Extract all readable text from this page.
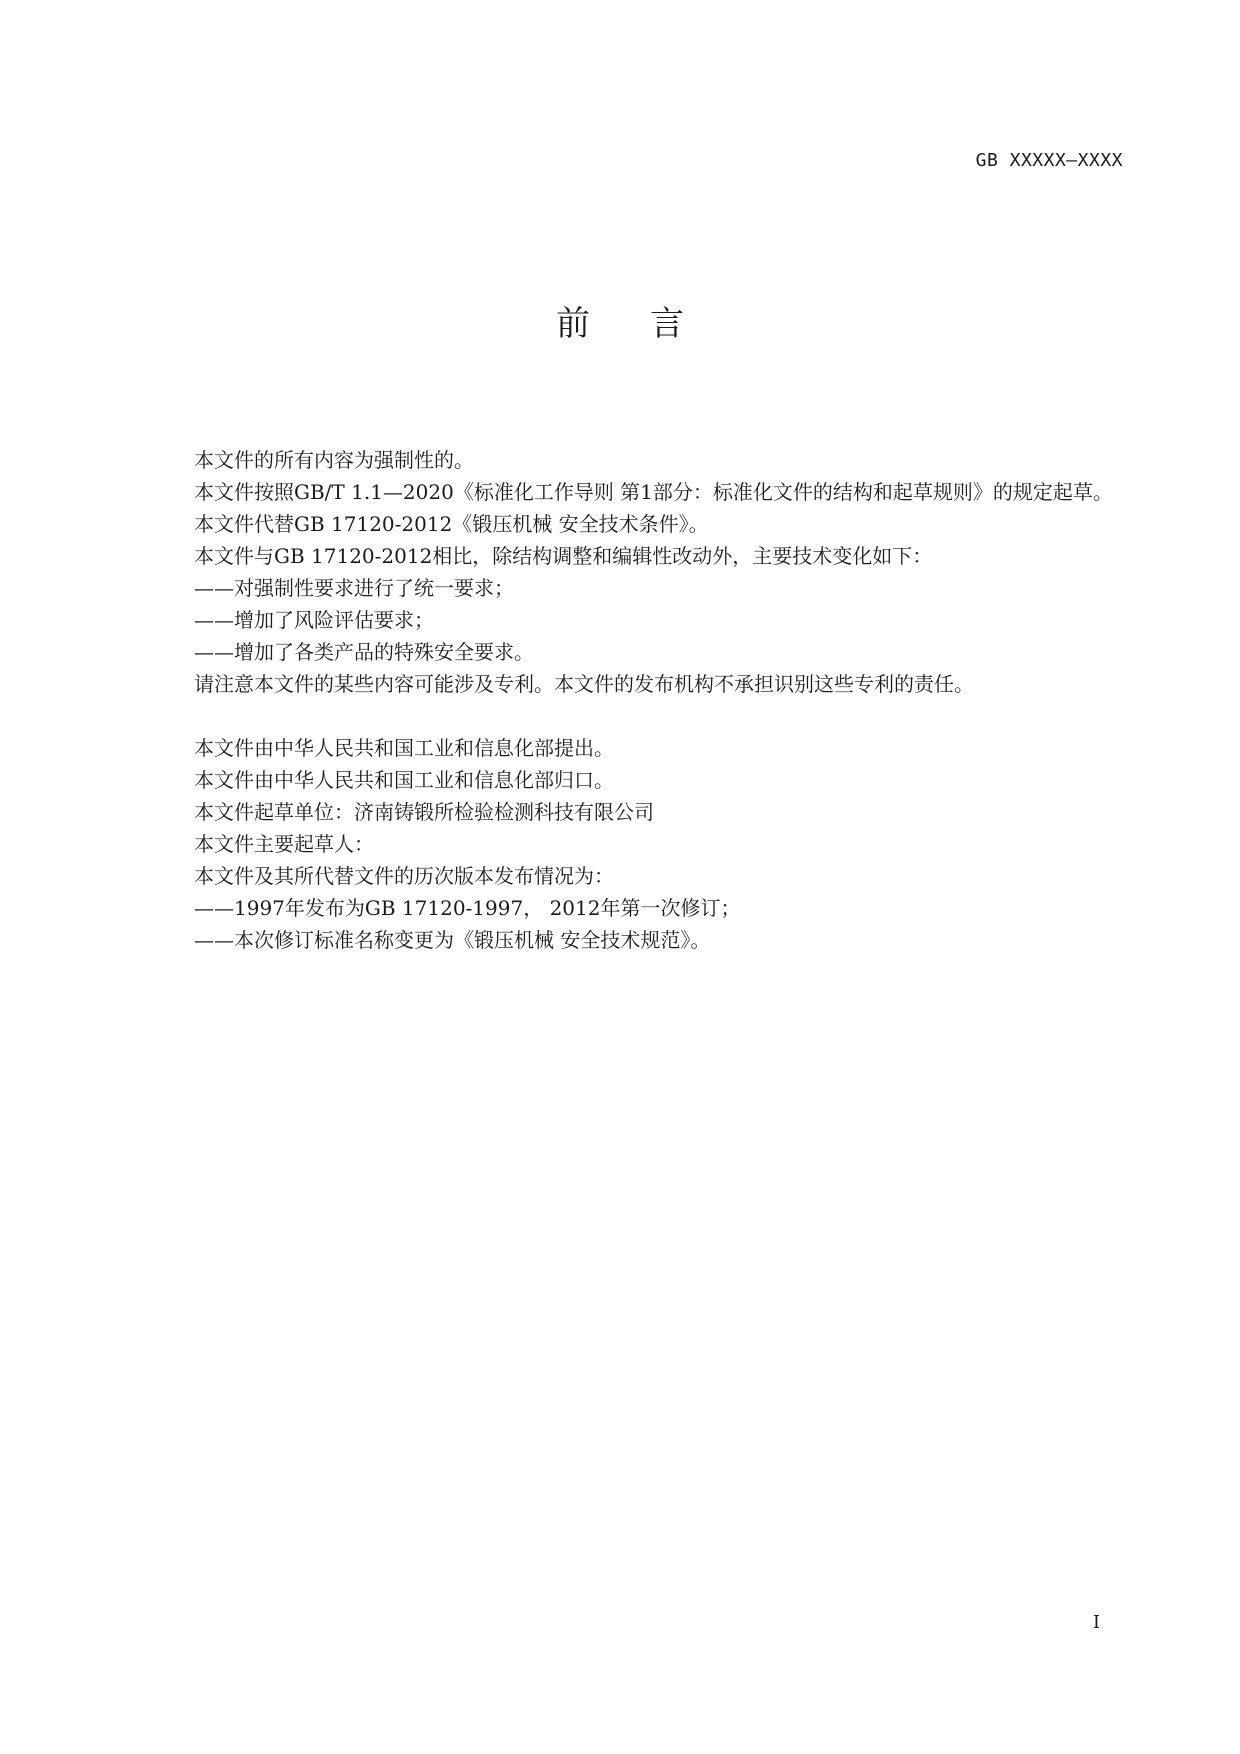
GB XXXXX—XXXX
前言

本文件的所有内容为强制性的。

本文件按照GB/T 1.1—2020《标准化工作导则 第1部分：标准化文件的结构和起草规则》的规定起草。

本文件代替GB 17120-2012《锻压机械 安全技术条件》。

本文件与GB 17120-2012相比，除结构调整和编辑性改动外，主要技术变化如下：

——对强制性要求进行了统一要求；

——增加了风险评估要求；

——增加了各类产品的特殊安全要求。

请注意本文件的某些内容可能涉及专利。本文件的发布机构不承担识别这些专利的责任。

本文件由中华人民共和国工业和信息化部提出。

本文件由中华人民共和国工业和信息化部归口。

本文件起草单位：济南铸锻所检验检测科技有限公司

本文件主要起草人：

本文件及其所代替文件的历次版本发布情况为：

——1997年发布为GB 17120-1997， 2012年第一次修订；

——本次修订标准名称变更为《锻压机械 安全技术规范》。

I
